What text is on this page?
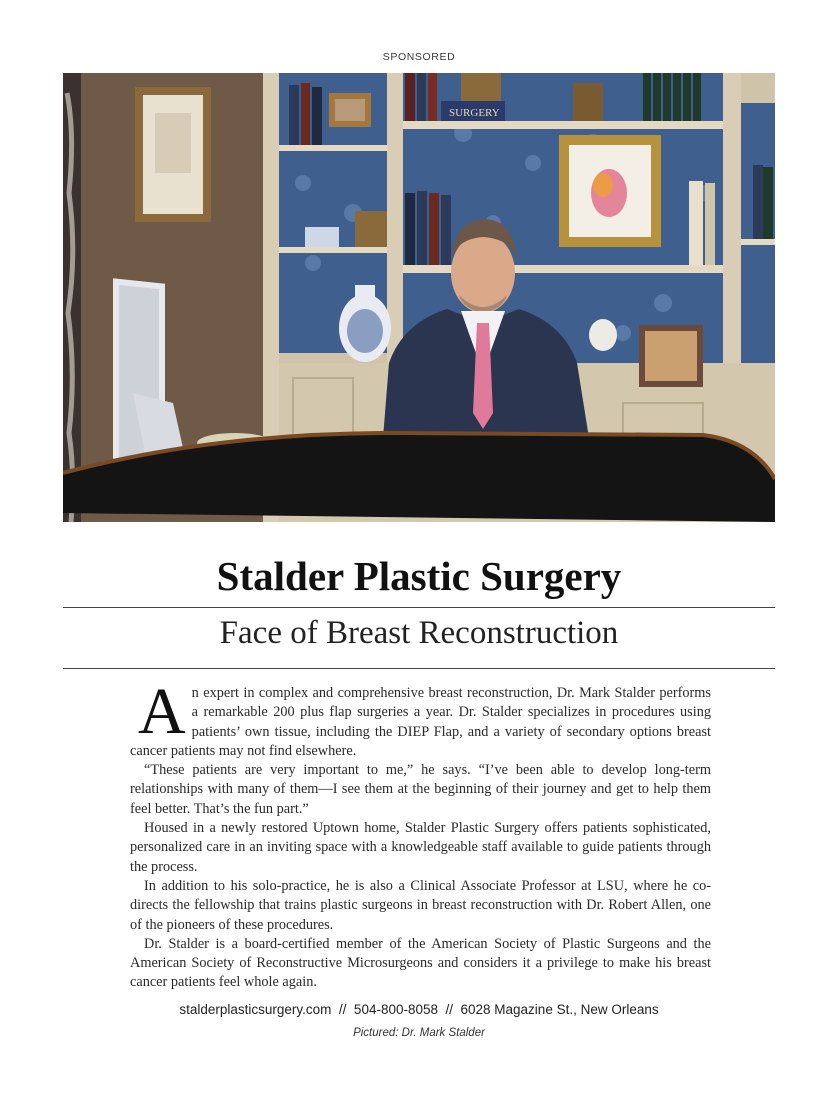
SPONSORED
SURGERY
Stalder Plastic Surgery
Face of Breast Reconstruction

An expert in complex and comprehensive breast reconstruction, Dr. Mark Stalder performs a remarkable 200 plus flap surgeries a year. Dr. Stalder specializes in procedures using patients’ own tissue, including the DIEP Flap, and a variety of secondary options breast cancer patients may not find elsewhere.

“These patients are very important to me,” he says. “I’ve been able to develop long-term relationships with many of them—I see them at the beginning of their journey and get to help them feel better. That’s the fun part.”

Housed in a newly restored Uptown home, Stalder Plastic Surgery offers patients sophisticated, personalized care in an inviting space with a knowledgeable staff available to guide patients through the process.

In addition to his solo-practice, he is also a Clinical Associate Professor at LSU, where he co-directs the fellowship that trains plastic surgeons in breast reconstruction with Dr. Robert Allen, one of the pioneers of these procedures.

Dr. Stalder is a board-certified member of the American Society of Plastic Surgeons and the American Society of Reconstructive Microsurgeons and considers it a privilege to make his breast cancer patients feel whole again.

stalderplasticsurgery.com  //  504-800-8058  //  6028 Magazine St., New Orleans
Pictured: Dr. Mark Stalder
